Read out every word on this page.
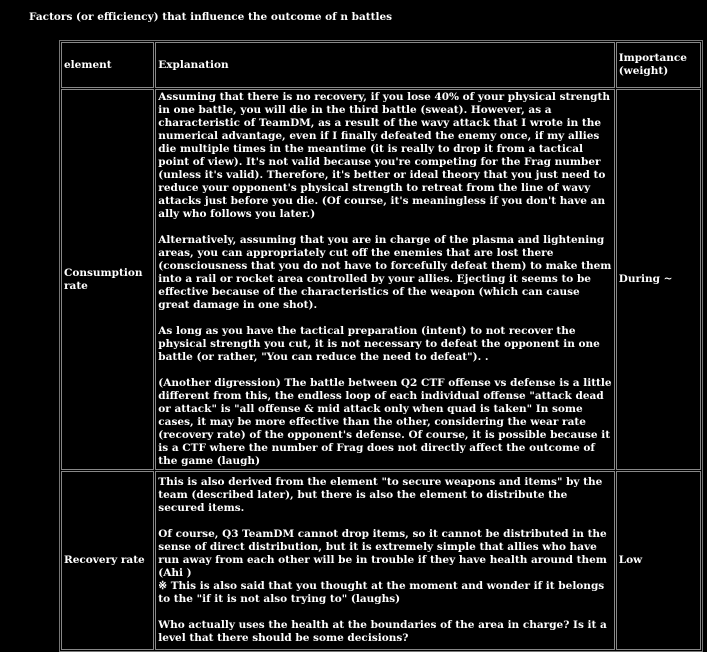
Factors (or efficiency) that influence the outcome of n battles
element	Explanation	Importance (weight)
Consumption rate	Assuming that there is no recovery, if you lose 40% of your physical strength in one battle, you will die in the third battle (sweat). However, as a characteristic of TeamDM, as a result of the wavy attack that I wrote in the numerical advantage, even if I finally defeated the enemy once, if my allies die multiple times in the meantime (it is really to drop it from a tactical point of view). It's not valid because you're competing for the Frag number (unless it's valid). Therefore, it's better or ideal theory that you just need to reduce your opponent's physical strength to retreat from the line of wavy attacks just before you die. (Of course, it's meaningless if you don't have an ally who follows you later.)

Alternatively, assuming that you are in charge of the plasma and lightening areas, you can appropriately cut off the enemies that are lost there (consciousness that you do not have to forcefully defeat them) to make them into a rail or rocket area controlled by your allies. Ejecting it seems to be effective because of the characteristics of the weapon (which can cause great damage in one shot).

As long as you have the tactical preparation (intent) to not recover the physical strength you cut, it is not necessary to defeat the opponent in one battle (or rather, "You can reduce the need to defeat"). .

(Another digression) The battle between Q2 CTF offense vs defense is a little different from this, the endless loop of each individual offense "attack dead or attack" is "all offense & mid attack only when quad is taken" In some cases, it may be more effective than the other, considering the wear rate (recovery rate) of the opponent's defense. Of course, it is possible because it is a CTF where the number of Frag does not directly affect the outcome of the game (laugh)	During ~
Recovery rate	This is also derived from the element "to secure weapons and items" by the team (described later), but there is also the element to distribute the secured items.

Of course, Q3 TeamDM cannot drop items, so it cannot be distributed in the sense of direct distribution, but it is extremely simple that allies who have run away from each other will be in trouble if they have health around them (Ahi )
※ This is also said that you thought at the moment and wonder if it belongs to the "if it is not also trying to" (laughs)

Who actually uses the health at the boundaries of the area in charge? Is it a level that there should be some decisions?	Low
